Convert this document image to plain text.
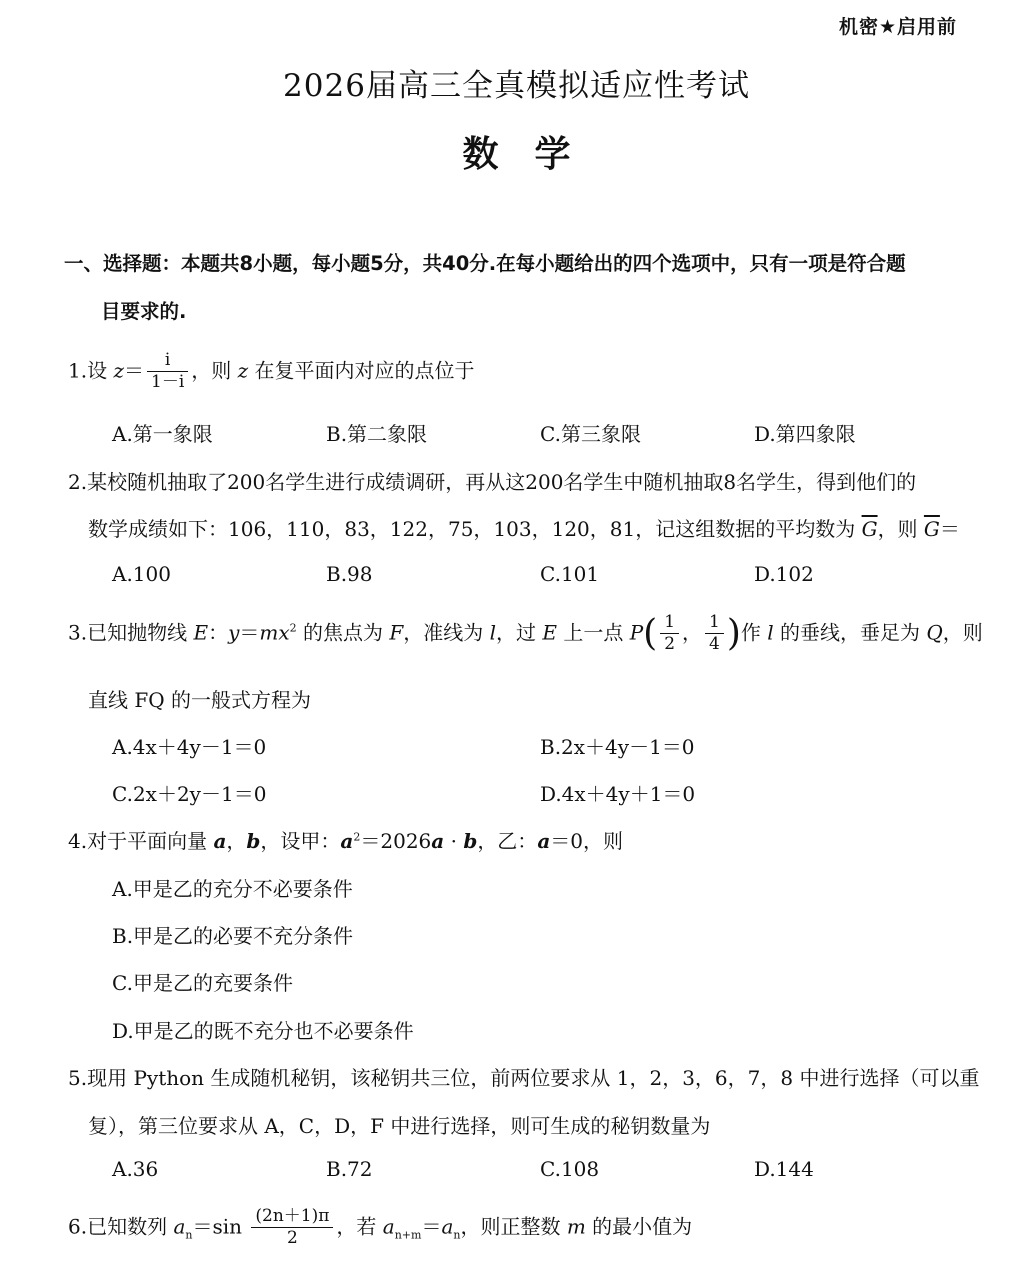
机密★启用前
2026届高三全真模拟适应性考试
数　学
一、选择题：本题共8小题，每小题5分，共40分.在每小题给出的四个选项中，只有一项是符合题
目要求的.
1.设 $z= \frac{i}{1-i}$ ，则 z 在复平面内对应的点位于
A.第一象限	B.第二象限	C.第三象限	D.第四象限
2.某校随机抽取了200名学生进行成绩调研，再从这200名学生中随机抽取8名学生，得到他们的
数学成绩如下：106，110，83，122，75，103，120，81，记这组数据的平均数为 $\overline{G}$，则 $\overline{G}=$
A.100	B.98	C.101	D.102
3.已知抛物线 E：$y=mx^2$ 的焦点为 F，准线为 l，过 E 上一点 $P( \frac{1}{2}$ ， $\frac{1}{4}$ )作 l 的垂线，垂足为 Q，则
直线 FQ 的一般式方程为
A.4x＋4y－1＝0	B.2x＋4y－1＝0
C.2x＋2y－1＝0	D.4x＋4y＋1＝0
4.对于平面向量 a，b，设甲：$a^2=2026a \cdot b$，乙：a＝0，则
A.甲是乙的充分不必要条件
B.甲是乙的必要不充分条件
C.甲是乙的充要条件
D.甲是乙的既不充分也不必要条件
5.现用 Python 生成随机秘钥，该秘钥共三位，前两位要求从 1，2，3，6，7，8 中进行选择（可以重
复），第三位要求从 A，C，D，F 中进行选择，则可生成的秘钥数量为
A.36	B.72	C.108	D.144
6.已知数列 $a_n=\sin \frac{(2n+1)\pi}{2}$ ，若 $a_{n+m}=a_n$，则正整数 m 的最小值为
